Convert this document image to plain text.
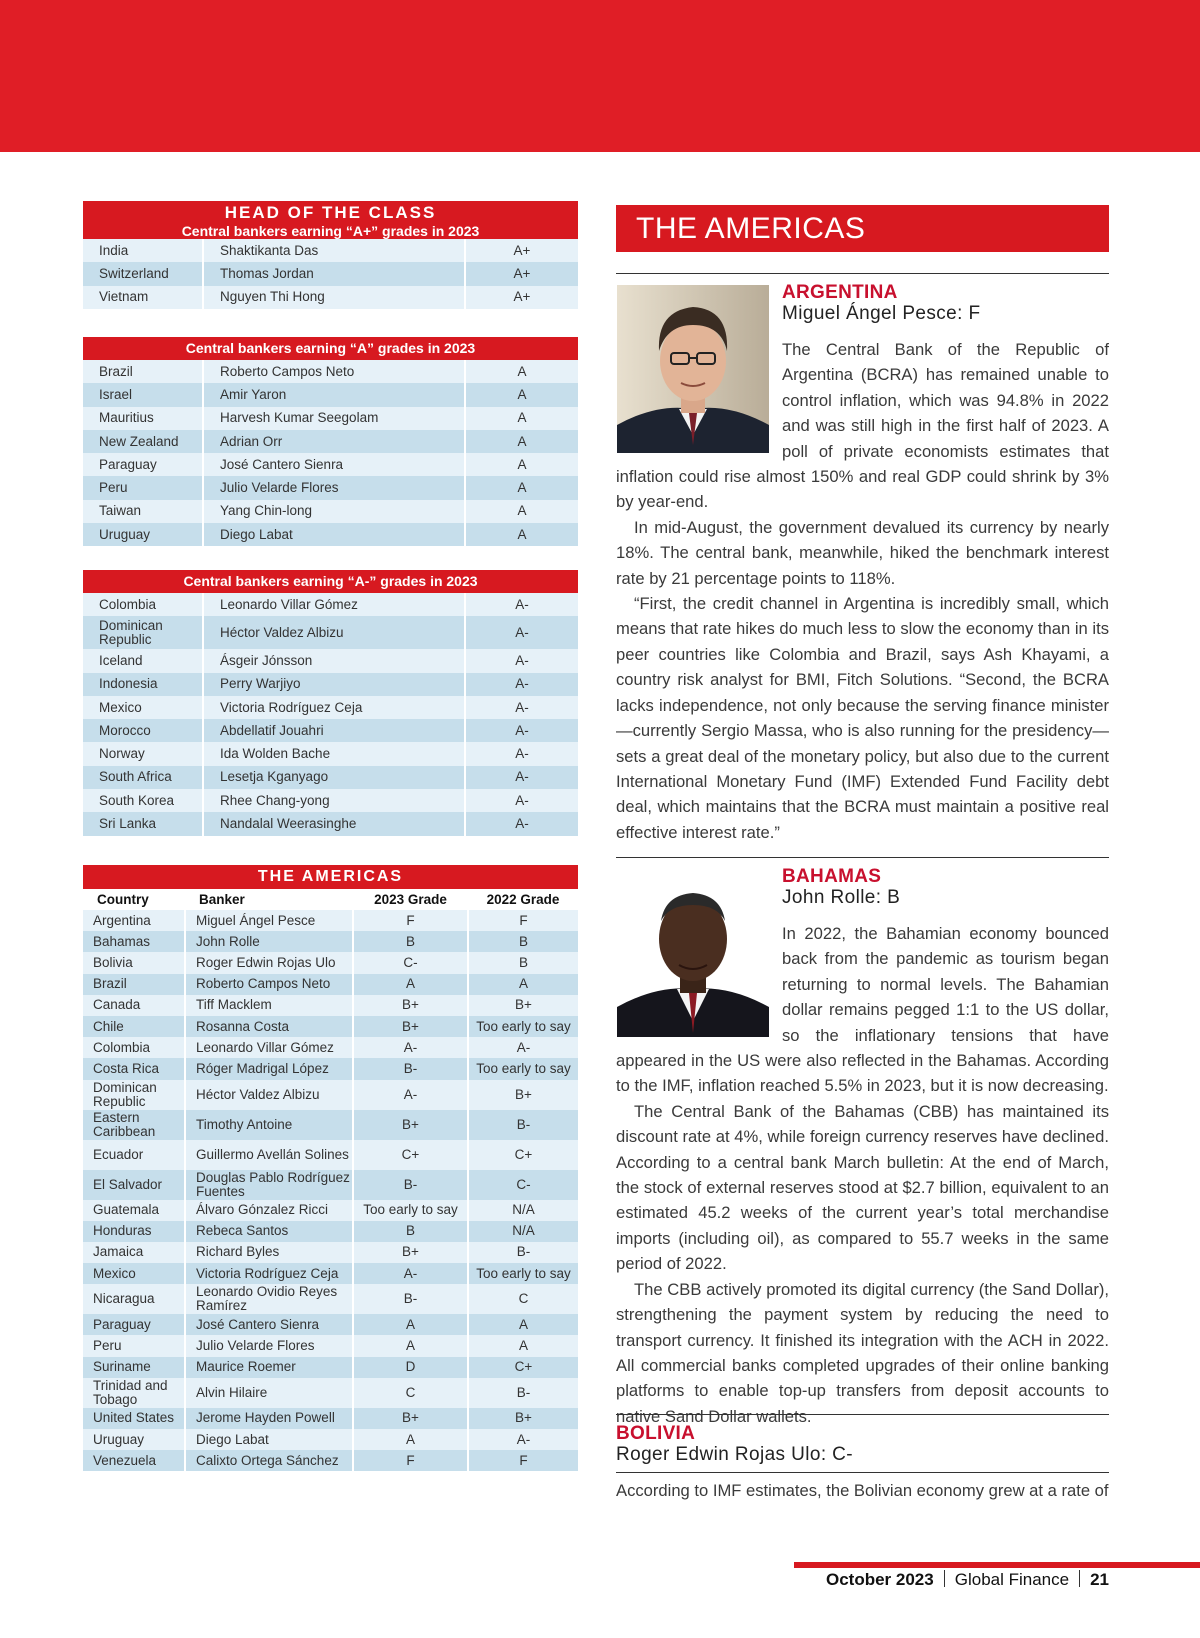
HEAD OF THE CLASS
Central bankers earning “A+” grades in 2023
India	Shaktikanta Das	A+
Switzerland	Thomas Jordan	A+
Vietnam	Nguyen Thi Hong	A+
Central bankers earning “A” grades in 2023
Brazil	Roberto Campos Neto	A
Israel	Amir Yaron	A
Mauritius	Harvesh Kumar Seegolam	A
New Zealand	Adrian Orr	A
Paraguay	José Cantero Sienra	A
Peru	Julio Velarde Flores	A
Taiwan	Yang Chin-long	A
Uruguay	Diego Labat	A
Central bankers earning “A-” grades in 2023
Colombia	Leonardo Villar Gómez	A-
Dominican Republic	Héctor Valdez Albizu	A-
Iceland	Ásgeir Jónsson	A-
Indonesia	Perry Warjiyo	A-
Mexico	Victoria Rodríguez Ceja	A-
Morocco	Abdellatif Jouahri	A-
Norway	Ida Wolden Bache	A-
South Africa	Lesetja Kganyago	A-
South Korea	Rhee Chang-yong	A-
Sri Lanka	Nandalal Weerasinghe	A-
THE AMERICAS
Country	Banker	2023 Grade	2022 Grade
Argentina	Miguel Ángel Pesce	F	F
Bahamas	John Rolle	B	B
Bolivia	Roger Edwin Rojas Ulo	C-	B
Brazil	Roberto Campos Neto	A	A
Canada	Tiff Macklem	B+	B+
Chile	Rosanna Costa	B+	Too early to say
Colombia	Leonardo Villar Gómez	A-	A-
Costa Rica	Róger Madrigal López	B-	Too early to say
Dominican Republic	Héctor Valdez Albizu	A-	B+
Eastern Caribbean	Timothy Antoine	B+	B-
Ecuador	Guillermo Avellán Solines	C+	C+
El Salvador	Douglas Pablo Rodríguez Fuentes	B-	C-
Guatemala	Álvaro Gónzalez Ricci	Too early to say	N/A
Honduras	Rebeca Santos	B	N/A
Jamaica	Richard Byles	B+	B-
Mexico	Victoria Rodríguez Ceja	A-	Too early to say
Nicaragua	Leonardo Ovidio Reyes Ramírez	B-	C
Paraguay	José Cantero Sienra	A	A
Peru	Julio Velarde Flores	A	A
Suriname	Maurice Roemer	D	C+
Trinidad and Tobago	Alvin Hilaire	C	B-
United States	Jerome Hayden Powell	B+	B+
Uruguay	Diego Labat	A	A-
Venezuela	Calixto Ortega Sánchez	F	F
THE AMERICAS
ARGENTINA
Miguel Ángel Pesce: F

The Central Bank of the Republic of Argentina (BCRA) has remained unable to control inflation, which was 94.8% in 2022 and was still high in the first half of 2023. A poll of private economists estimates that inflation could rise almost 150% and real GDP could shrink by 3% by year-end.

In mid-August, the government devalued its currency by nearly 18%. The central bank, meanwhile, hiked the benchmark interest rate by 21 percentage points to 118%.

“First, the credit channel in Argentina is incredibly small, which means that rate hikes do much less to slow the economy than in its peer countries like Colombia and Brazil, says Ash Khayami, a country risk analyst for BMI, Fitch Solutions. “Second, the BCRA lacks independence, not only because the serving finance minister—currently Sergio Massa, who is also running for the presidency—sets a great deal of the monetary policy, but also due to the current International Monetary Fund (IMF) Extended Fund Facility debt deal, which maintains that the BCRA must maintain a positive real effective interest rate.”

BAHAMAS
John Rolle: B

In 2022, the Bahamian economy bounced back from the pandemic as tourism began returning to normal levels. The Bahamian dollar remains pegged 1:1 to the US dollar, so the inflationary tensions that have appeared in the US were also reflected in the Bahamas. According to the IMF, inflation reached 5.5% in 2023, but it is now decreasing.

The Central Bank of the Bahamas (CBB) has maintained its discount rate at 4%, while foreign currency reserves have declined. According to a central bank March bulletin: At the end of March, the stock of external reserves stood at $2.7 billion, equivalent to an estimated 45.2 weeks of the current year’s total merchandise imports (including oil), as compared to 55.7 weeks in the same period of 2022.

The CBB actively promoted its digital currency (the Sand Dollar), strengthening the payment system by reducing the need to transport currency. It finished its integration with the ACH in 2022. All commercial banks completed upgrades of their online banking platforms to enable top-up transfers from deposit accounts to native Sand Dollar wallets.

BOLIVIA
Roger Edwin Rojas Ulo: C-
According to IMF estimates, the Bolivian economy grew at a rate of
October 2023 Global Finance 21
